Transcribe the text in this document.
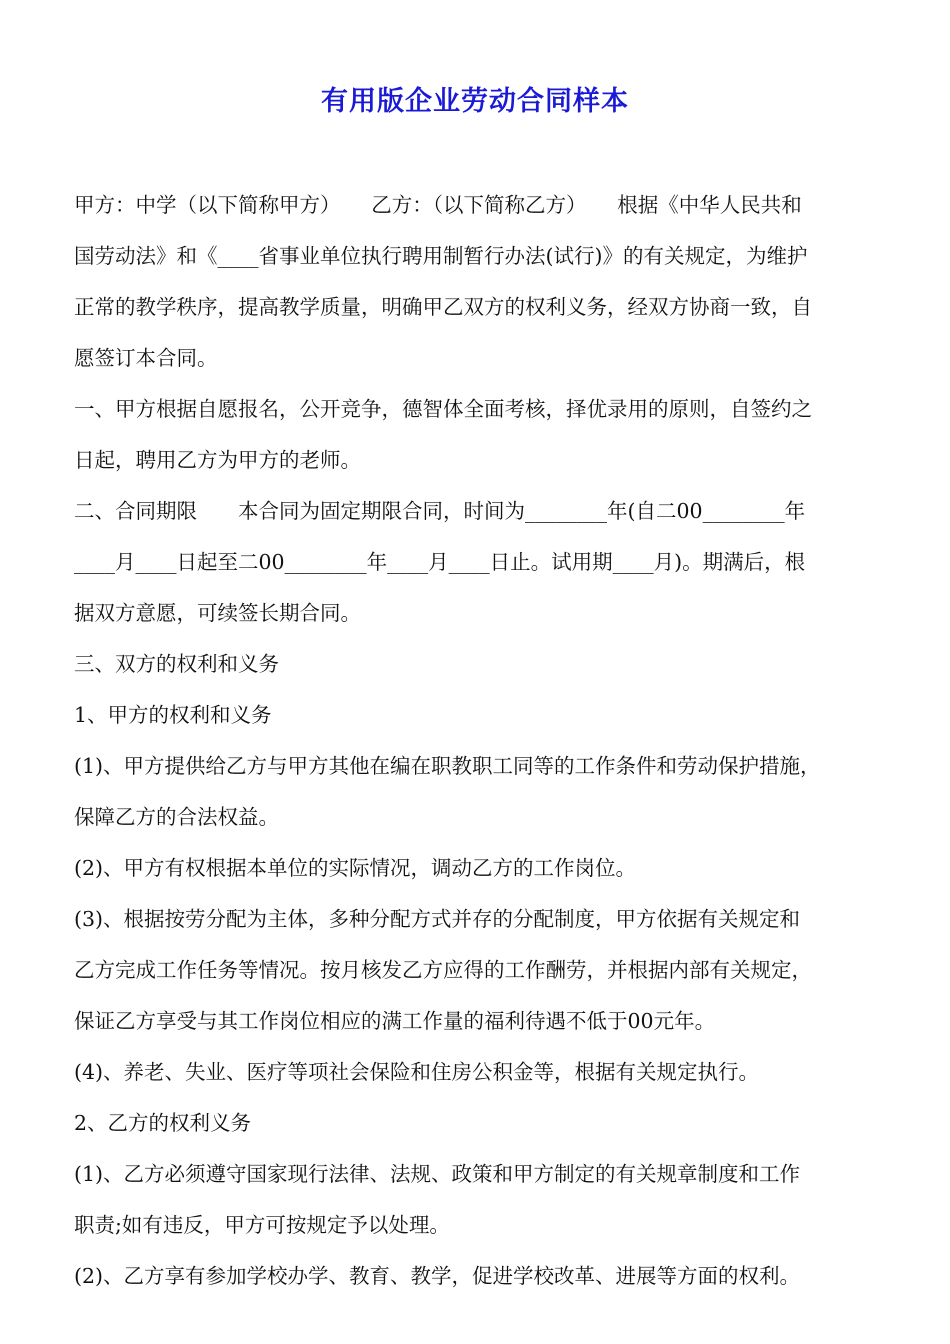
有用版企业劳动合同样本
甲方：中学（以下简称甲方）　　乙方：（以下简称乙方）　　根据《中华人民共和
国劳动法》和《____省事业单位执行聘用制暂行办法(试行)》的有关规定，为维护
正常的教学秩序，提高教学质量，明确甲乙双方的权利义务，经双方协商一致，自
愿签订本合同。
一、甲方根据自愿报名，公开竞争，德智体全面考核，择优录用的原则，自签约之
日起，聘用乙方为甲方的老师。
二、合同期限　　本合同为固定期限合同，时间为________年(自二00________年
____月____日起至二00________年____月____日止。试用期____月)。期满后，根
据双方意愿，可续签长期合同。
三、双方的权利和义务
1、甲方的权利和义务
(1)、甲方提供给乙方与甲方其他在编在职教职工同等的工作条件和劳动保护措施，
保障乙方的合法权益。
(2)、甲方有权根据本单位的实际情况，调动乙方的工作岗位。
(3)、根据按劳分配为主体，多种分配方式并存的分配制度，甲方依据有关规定和
乙方完成工作任务等情况。按月核发乙方应得的工作酬劳，并根据内部有关规定，
保证乙方享受与其工作岗位相应的满工作量的福利待遇不低于00元年。
(4)、养老、失业、医疗等项社会保险和住房公积金等，根据有关规定执行。
2、乙方的权利义务
(1)、乙方必须遵守国家现行法律、法规、政策和甲方制定的有关规章制度和工作
职责;如有违反，甲方可按规定予以处理。
(2)、乙方享有参加学校办学、教育、教学，促进学校改革、进展等方面的权利。
